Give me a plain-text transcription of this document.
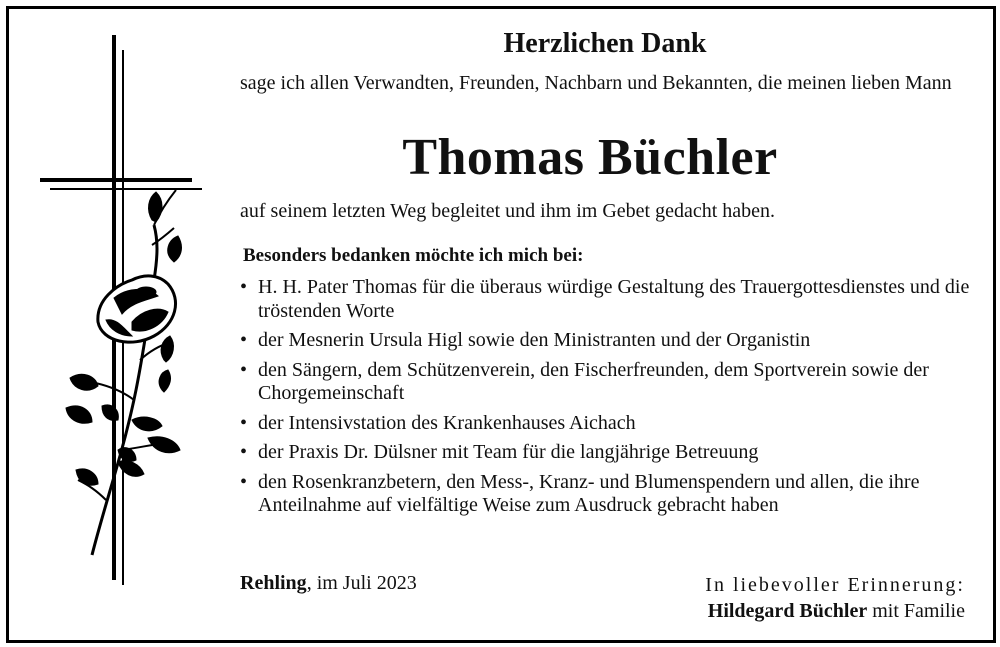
Herzlichen Dank
sage ich allen Verwandten, Freunden, Nachbarn und Bekannten, die meinen lieben Mann
Thomas Büchler
auf seinem letzten Weg begleitet und ihm im Gebet gedacht haben.
Besonders bedanken möchte ich mich bei:
• H. H. Pater Thomas für die überaus würdige Gestaltung des Trauergottesdienstes und die tröstenden Worte
• der Mesnerin Ursula Higl sowie den Ministranten und der Organistin
• den Sängern, dem Schützenverein, den Fischerfreunden, dem Sportverein sowie der Chorgemeinschaft
• der Intensivstation des Krankenhauses Aichach
• der Praxis Dr. Dülsner mit Team für die langjährige Betreuung
• den Rosenkranzbetern, den Mess-, Kranz- und Blumenspendern und allen, die ihre Anteilnahme auf vielfältige Weise zum Ausdruck gebracht haben
Rehling, im Juli 2023	In liebevoller Erinnerung:
Hildegard Büchler mit Familie
